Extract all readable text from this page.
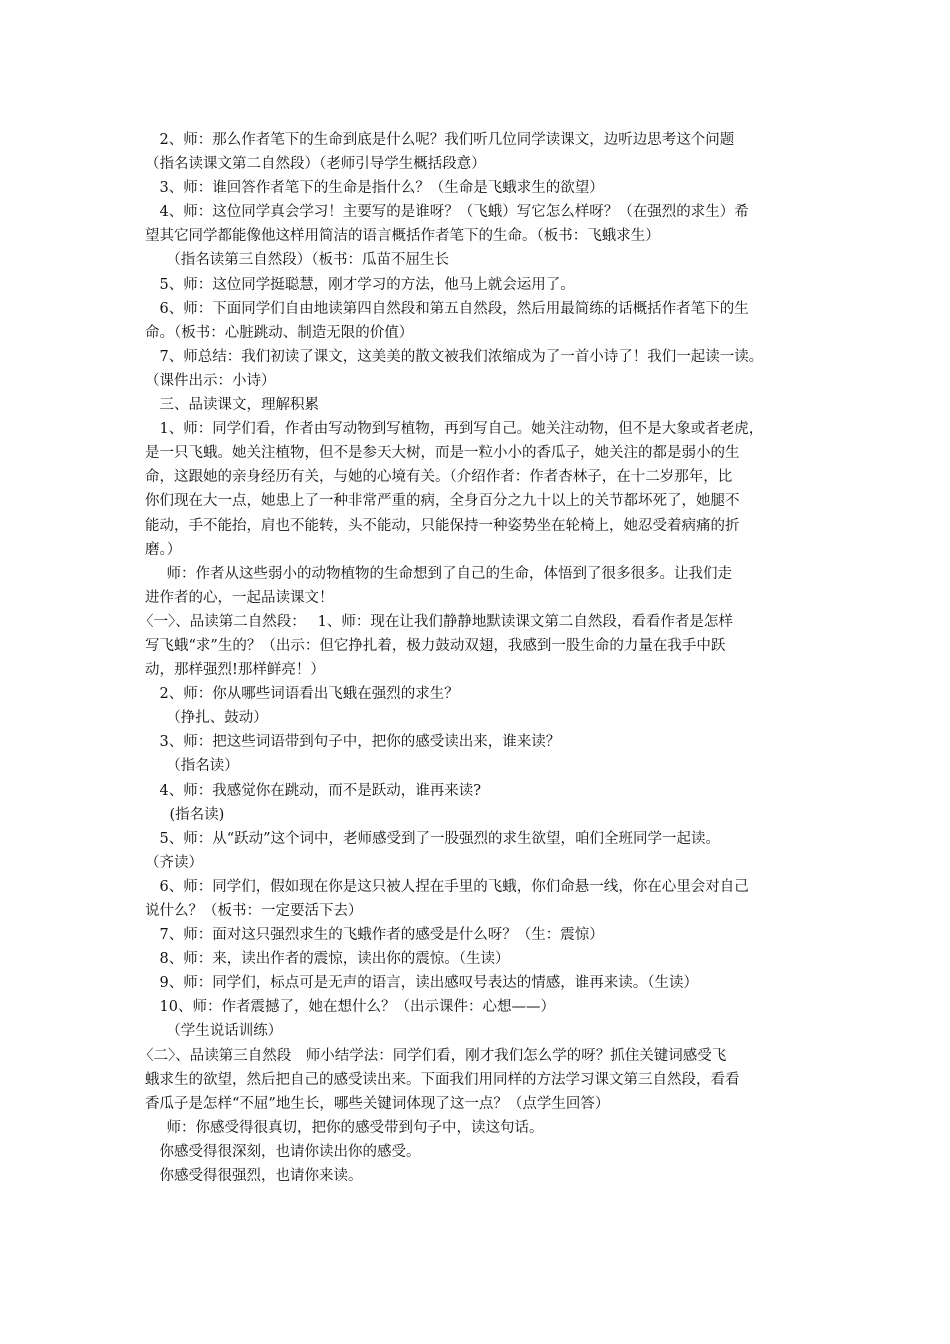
　2、师：那么作者笔下的生命到底是什么呢？我们听几位同学读课文，边听边思考这个问题
（指名读课文第二自然段）（老师引导学生概括段意）
　3、师：谁回答作者笔下的生命是指什么？（生命是飞蛾求生的欲望）
　4、师：这位同学真会学习！主要写的是谁呀？（飞蛾）写它怎么样呀？（在强烈的求生）希
望其它同学都能像他这样用简洁的语言概括作者笔下的生命。（板书：飞蛾求生）
　（指名读第三自然段）（板书：瓜苗不屈生长
　5、师：这位同学挺聪慧，刚才学习的方法，他马上就会运用了。
　6、师：下面同学们自由地读第四自然段和第五自然段，然后用最简练的话概括作者笔下的生
命。（板书：心脏跳动、制造无限的价值）
　7、师总结：我们初读了课文，这美美的散文被我们浓缩成为了一首小诗了！我们一起读一读。
（课件出示：小诗）
　三、品读课文，理解积累
　1、师：同学们看，作者由写动物到写植物，再到写自己。她关注动物，但不是大象或者老虎，
是一只飞蛾。她关注植物，但不是参天大树，而是一粒小小的香瓜子，她关注的都是弱小的生
命，这跟她的亲身经历有关，与她的心境有关。（介绍作者：作者杏林子，在十二岁那年，比
你们现在大一点，她患上了一种非常严重的病，全身百分之九十以上的关节都坏死了，她腿不
能动，手不能抬，肩也不能转，头不能动，只能保持一种姿势坐在轮椅上，她忍受着病痛的折
磨。）
　师：作者从这些弱小的动物植物的生命想到了自己的生命，体悟到了很多很多。让我们走
进作者的心，一起品读课文！
〈一〉、品读第二自然段：　 1、师：现在让我们静静地默读课文第二自然段，看看作者是怎样
写飞蛾“求”生的？（出示：但它挣扎着，极力鼓动双翅，我感到一股生命的力量在我手中跃
动，那样强烈!那样鲜亮！）
　2、师：你从哪些词语看出飞蛾在强烈的求生？
　（挣扎、鼓动）
　3、师：把这些词语带到句子中，把你的感受读出来，谁来读？
　（指名读）
　4、师：我感觉你在跳动，而不是跃动，谁再来读?
　(指名读)
　5、师：从“跃动”这个词中，老师感受到了一股强烈的求生欲望，咱们全班同学一起读。
（齐读）
　6、师：同学们，假如现在你是这只被人捏在手里的飞蛾，你们命悬一线，你在心里会对自己
说什么？（板书：一定要活下去）
　7、师：面对这只强烈求生的飞蛾作者的感受是什么呀？（生：震惊）
　8、师：来，读出作者的震惊，读出你的震惊。（生读）
　9、师：同学们，标点可是无声的语言，读出感叹号表达的情感，谁再来读。（生读）
　10、师：作者震撼了，她在想什么？（出示课件：心想——）
　（学生说话训练）
〈二〉、品读第三自然段　师小结学法：同学们看，刚才我们怎么学的呀？抓住关键词感受飞
蛾求生的欲望，然后把自己的感受读出来。下面我们用同样的方法学习课文第三自然段，看看
香瓜子是怎样“不屈”地生长，哪些关键词体现了这一点？（点学生回答）
　师：你感受得很真切，把你的感受带到句子中，读这句话。
　你感受得很深刻，也请你读出你的感受。
　你感受得很强烈，也请你来读。
